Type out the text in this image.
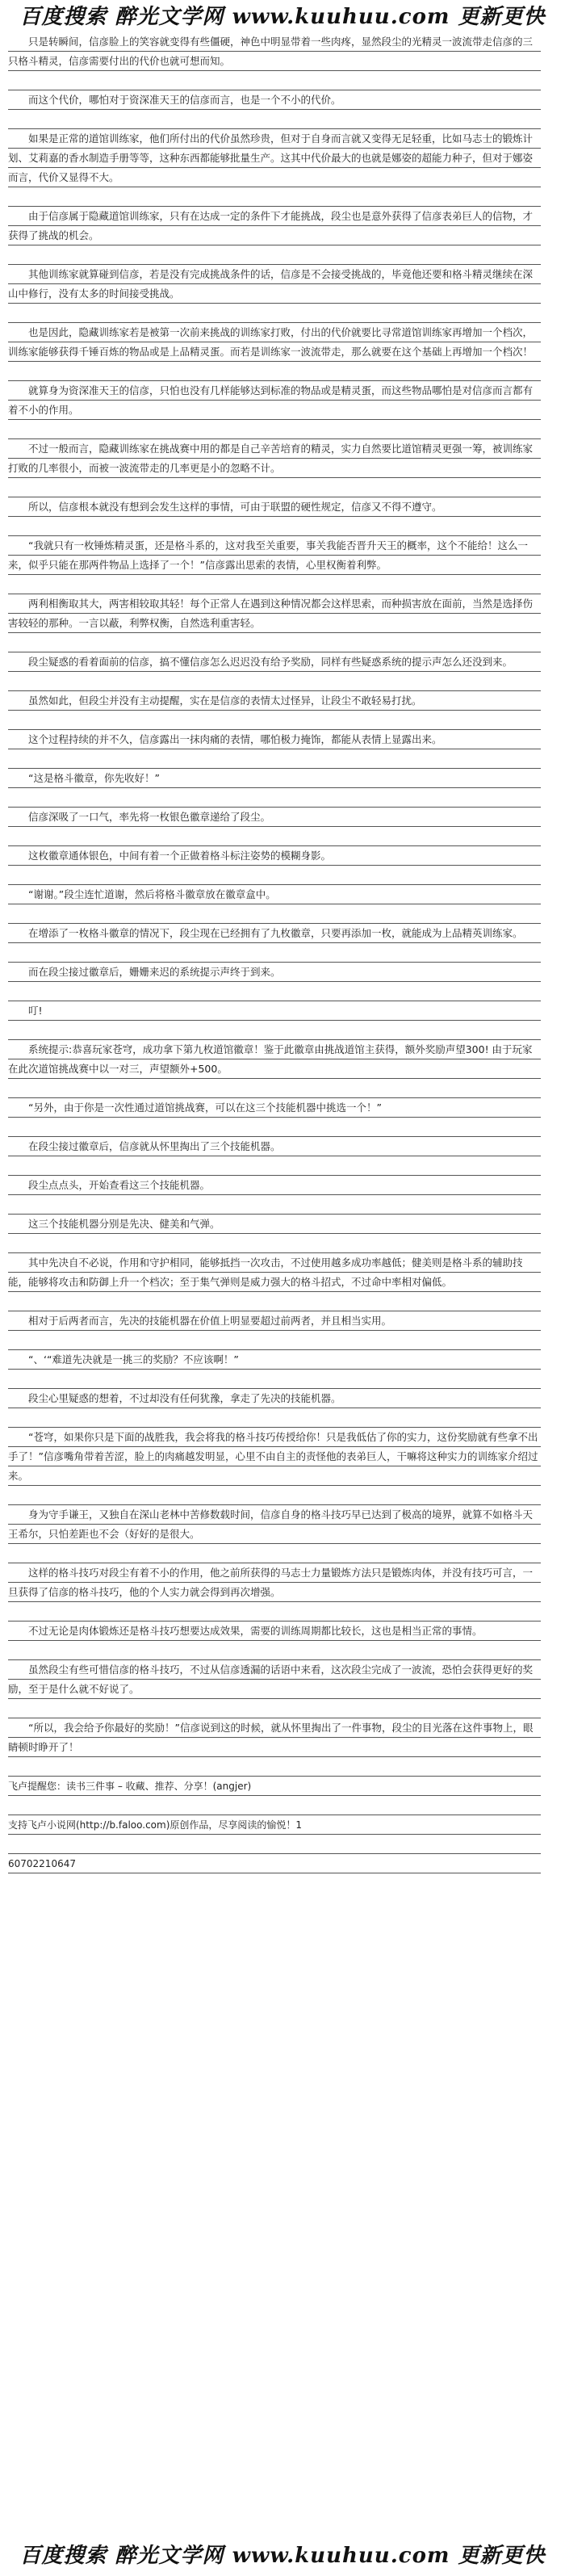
百度搜索 醉光文学网 www.kuuhuu.com 更新更快

只是转瞬间，信彦脸上的笑容就变得有些僵硬，神色中明显带着一些肉疼，显然段尘的光精灵一波流带走信彦的三只格斗精灵，信彦需要付出的代价也就可想而知。

而这个代价，哪怕对于资深准天王的信彦而言，也是一个不小的代价。

如果是正常的道馆训练家，他们所付出的代价虽然珍贵，但对于自身而言就又变得无足轻重，比如马志士的锻炼计划、艾莉嘉的香水制造手册等等，这种东西都能够批量生产。这其中代价最大的也就是娜姿的超能力种子，但对于娜姿而言，代价又显得不大。

由于信彦属于隐藏道馆训练家，只有在达成一定的条件下才能挑战，段尘也是意外获得了信彦表弟巨人的信物，才获得了挑战的机会。

其他训练家就算碰到信彦，若是没有完成挑战条件的话，信彦是不会接受挑战的，毕竟他还要和格斗精灵继续在深山中修行，没有太多的时间接受挑战。

也是因此，隐藏训练家若是被第一次前来挑战的训练家打败，付出的代价就要比寻常道馆训练家再增加一个档次，训练家能够获得千锤百炼的物品或是上品精灵蛋。而若是训练家一波流带走，那么就要在这个基础上再增加一个档次！

就算身为资深准天王的信彦，只怕也没有几样能够达到标准的物品或是精灵蛋，而这些物品哪怕是对信彦而言都有着不小的作用。

不过一般而言，隐藏训练家在挑战赛中用的都是自己辛苦培育的精灵，实力自然要比道馆精灵更强一筹，被训练家打败的几率很小，而被一波流带走的几率更是小的忽略不计。

所以，信彦根本就没有想到会发生这样的事情，可由于联盟的硬性规定，信彦又不得不遵守。

“我就只有一枚锤炼精灵蛋，还是格斗系的，这对我至关重要，事关我能否晋升天王的概率，这个不能给！这么一来，似乎只能在那两件物品上选择了一个！”信彦露出思索的表情，心里权衡着利弊。

两利相衡取其大，两害相较取其轻！每个正常人在遇到这种情况都会这样思索，而种损害放在面前，当然是选择伤害较轻的那种。一言以蔽，利弊权衡，自然选利重害轻。

段尘疑惑的看着面前的信彦，搞不懂信彦怎么迟迟没有给予奖励，同样有些疑惑系统的提示声怎么还没到来。

虽然如此，但段尘并没有主动提醒，实在是信彦的表情太过怪异，让段尘不敢轻易打扰。

这个过程持续的并不久，信彦露出一抹肉痛的表情，哪怕极力掩饰，都能从表情上显露出来。

“这是格斗徽章，你先收好！”

信彦深吸了一口气，率先将一枚银色徽章递给了段尘。

这枚徽章通体银色，中间有着一个正做着格斗标注姿势的模糊身影。

“谢谢。”段尘连忙道谢，然后将格斗徽章放在徽章盒中。

在增添了一枚格斗徽章的情况下，段尘现在已经拥有了九枚徽章，只要再添加一枚，就能成为上品精英训练家。

而在段尘接过徽章后，姗姗来迟的系统提示声终于到来。

叮!

系统提示:恭喜玩家苍穹，成功拿下第九枚道馆徽章！鉴于此徽章由挑战道馆主获得，额外奖励声望300! 由于玩家在此次道馆挑战赛中以一对三，声望额外+500。

“另外，由于你是一次性通过道馆挑战赛，可以在这三个技能机器中挑选一个！”

在段尘接过徽章后，信彦就从怀里掏出了三个技能机器。

段尘点点头，开始查看这三个技能机器。

这三个技能机器分别是先决、健美和气弹。

其中先决自不必说，作用和守护相同，能够抵挡一次攻击，不过使用越多成功率越低；健美则是格斗系的辅助技能，能够将攻击和防御上升一个档次；至于集气弹则是威力强大的格斗招式，不过命中率相对偏低。

相对于后两者而言，先决的技能机器在价值上明显要超过前两者，并且相当实用。

“、‘“难道先决就是一挑三的奖励？不应该啊！”

段尘心里疑惑的想着，不过却没有任何犹豫，拿走了先决的技能机器。

“苍穹，如果你只是下面的战胜我，我会将我的格斗技巧传授给你！只是我低估了你的实力，这份奖励就有些拿不出手了！”信彦嘴角带着苦涩，脸上的肉痛越发明显，心里不由自主的责怪他的表弟巨人，干嘛将这种实力的训练家介绍过来。

身为守手谦王，又独自在深山老林中苦修数载时间，信彦自身的格斗技巧早已达到了极高的境界，就算不如格斗天王希尔，只怕差距也不会（好好的是很大。

这样的格斗技巧对段尘有着不小的作用，他之前所获得的马志士力量锻炼方法只是锻炼肉体，并没有技巧可言，一旦获得了信彦的格斗技巧，他的个人实力就会得到再次增强。

不过无论是肉体锻炼还是格斗技巧想要达成效果，需要的训练周期都比较长，这也是相当正常的事情。

虽然段尘有些可惜信彦的格斗技巧，不过从信彦透漏的话语中来看，这次段尘完成了一波流，恐怕会获得更好的奖励，至于是什么就不好说了。

“所以，我会给予你最好的奖励！”信彦说到这的时候，就从怀里掏出了一件事物，段尘的目光落在这件事物上，眼睛顿时睁开了！

飞卢提醒您：读书三件事 – 收藏、推荐、分享！(angjer)
支持飞卢小说网(http://b.faloo.com)原创作品，尽享阅读的愉悦！1
60702210647
百度搜索 醉光文学网 www.kuuhuu.com 更新更快
